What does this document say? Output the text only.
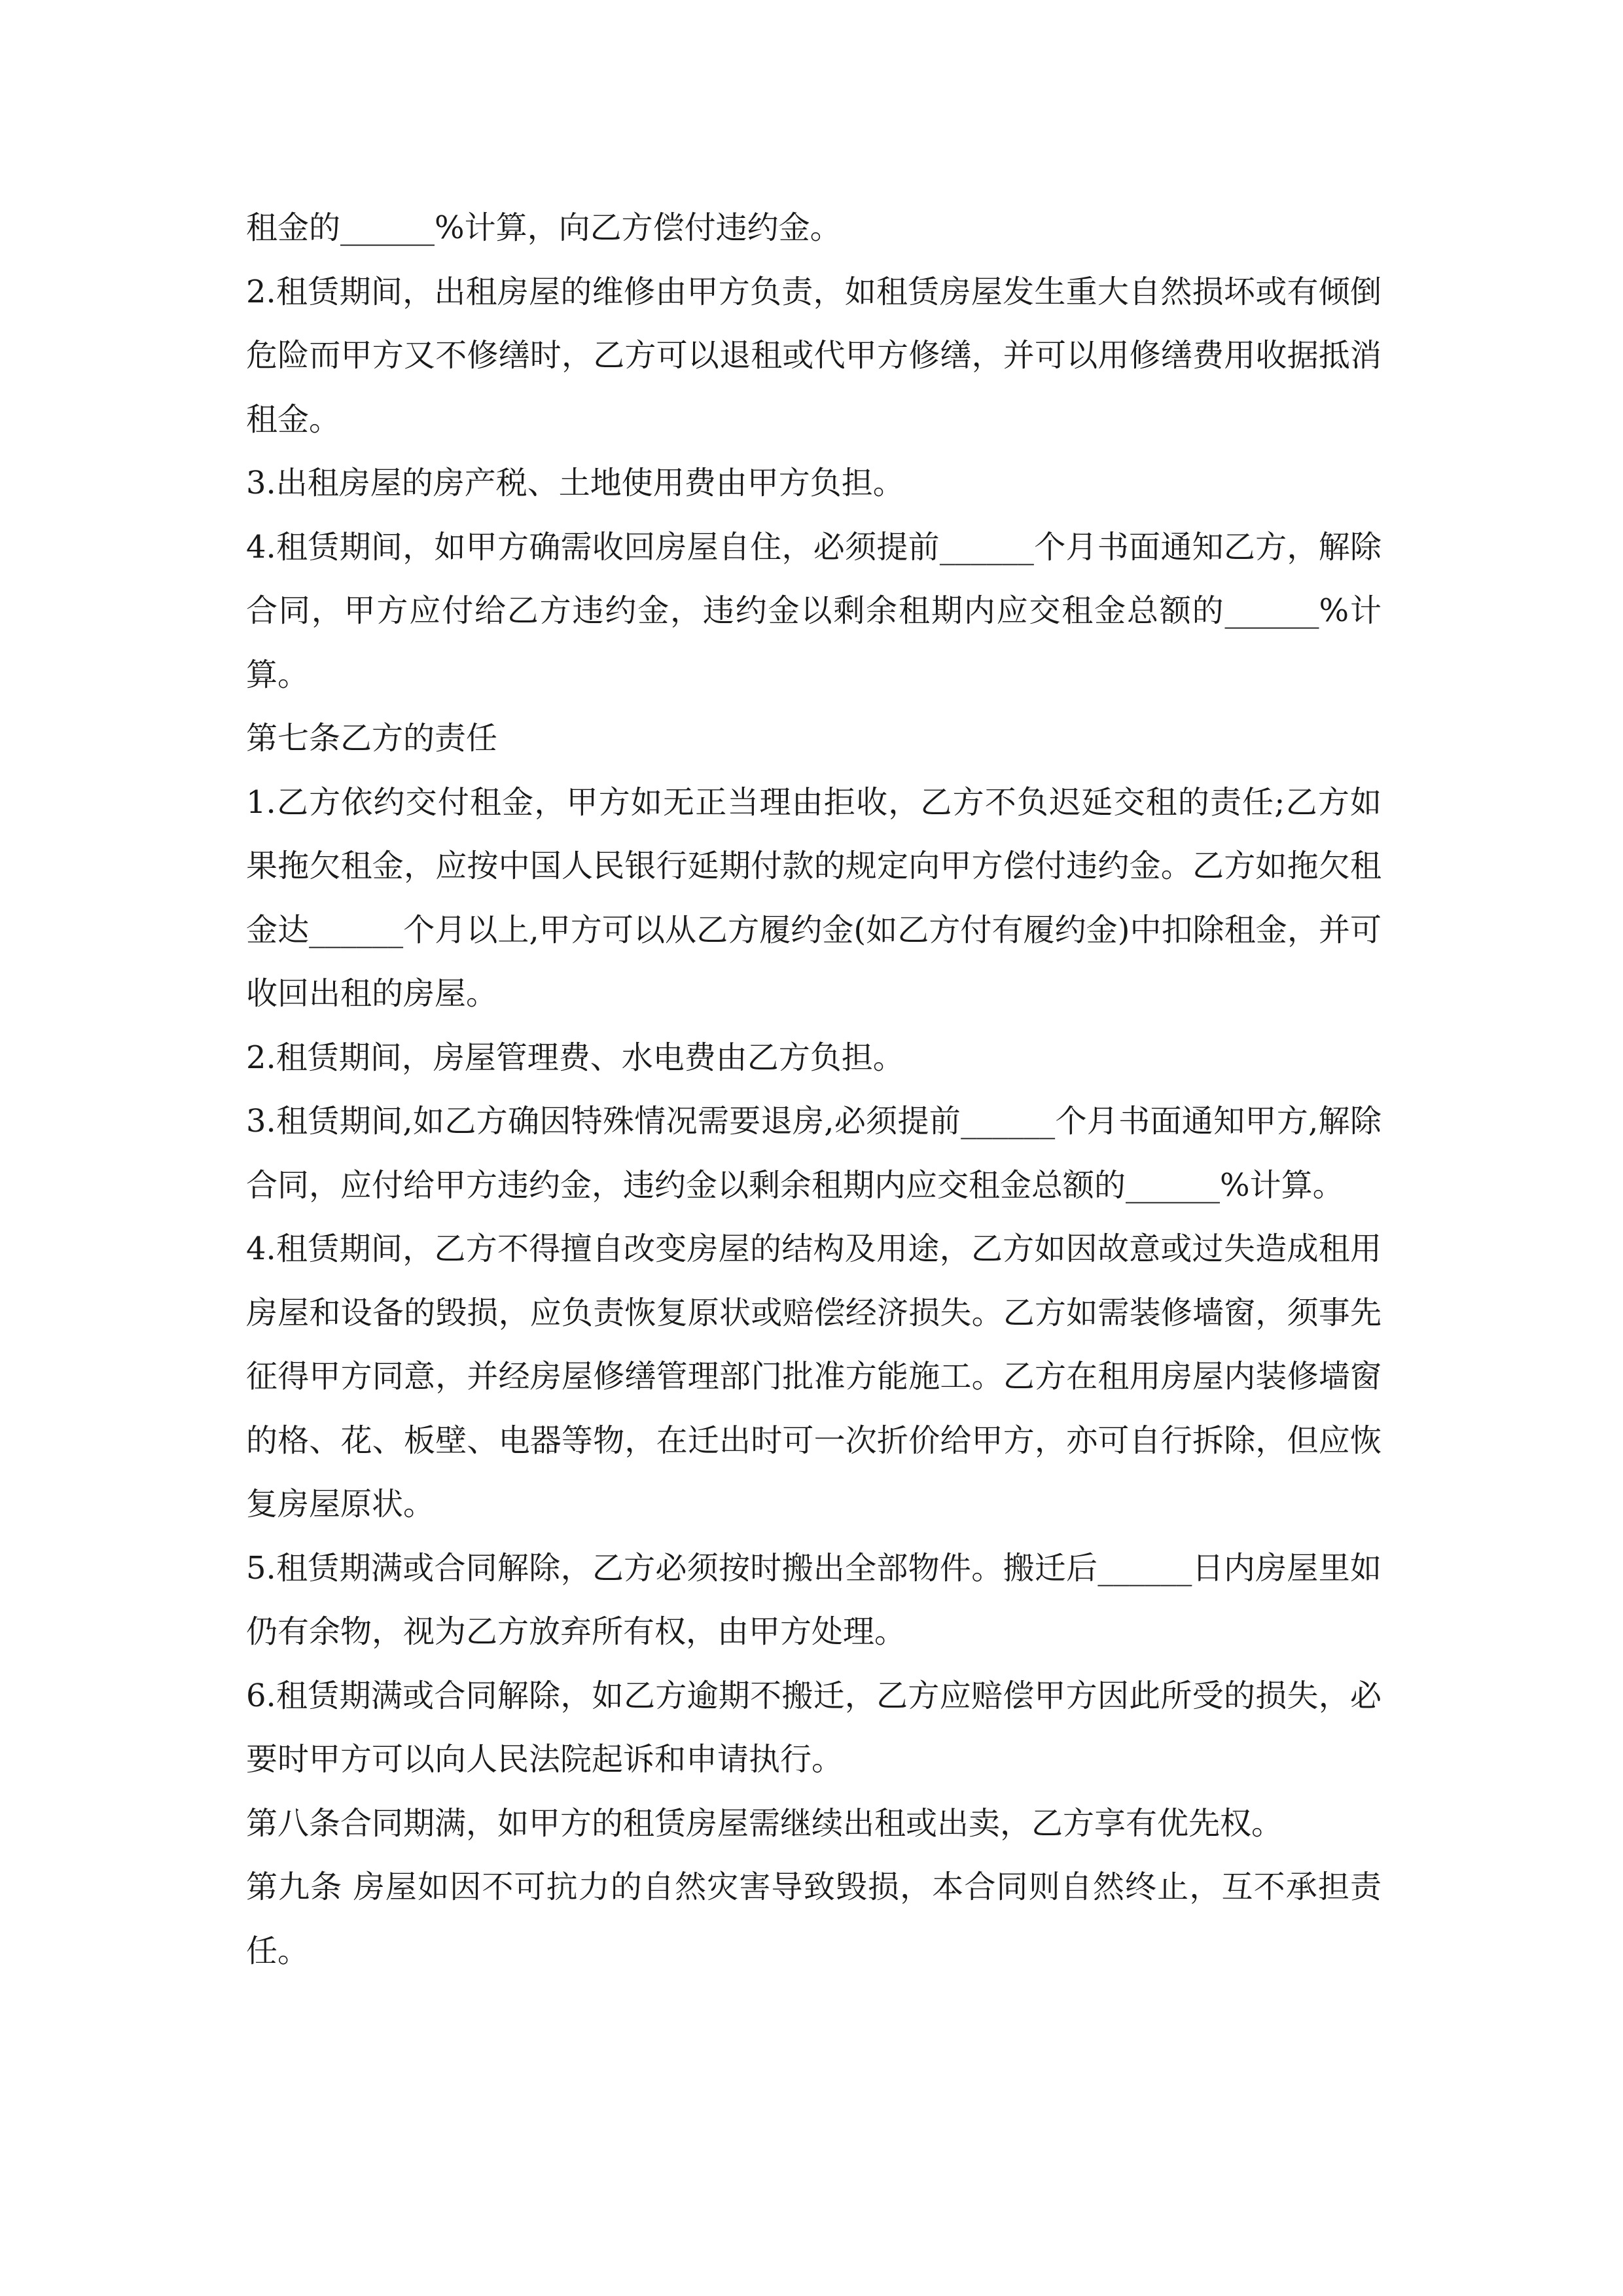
租金的______%计算，向乙方偿付违约金。

2.租赁期间，出租房屋的维修由甲方负责，如租赁房屋发生重大自然损坏或有倾倒危险而甲方又不修缮时，乙方可以退租或代甲方修缮，并可以用修缮费用收据抵消租金。

3.出租房屋的房产税、土地使用费由甲方负担。

4.租赁期间，如甲方确需收回房屋自住，必须提前______个月书面通知乙方，解除合同，甲方应付给乙方违约金，违约金以剩余租期内应交租金总额的______%计算。

第七条乙方的责任

1.乙方依约交付租金，甲方如无正当理由拒收，乙方不负迟延交租的责任;乙方如果拖欠租金，应按中国人民银行延期付款的规定向甲方偿付违约金。乙方如拖欠租金达______个月以上,甲方可以从乙方履约金(如乙方付有履约金)中扣除租金，并可收回出租的房屋。

2.租赁期间，房屋管理费、水电费由乙方负担。

3.租赁期间,如乙方确因特殊情况需要退房,必须提前______个月书面通知甲方,解除合同，应付给甲方违约金，违约金以剩余租期内应交租金总额的______%计算。

4.租赁期间，乙方不得擅自改变房屋的结构及用途，乙方如因故意或过失造成租用房屋和设备的毁损，应负责恢复原状或赔偿经济损失。乙方如需装修墙窗，须事先征得甲方同意，并经房屋修缮管理部门批准方能施工。乙方在租用房屋内装修墙窗的格、花、板壁、电器等物，在迁出时可一次折价给甲方，亦可自行拆除，但应恢复房屋原状。

5.租赁期满或合同解除，乙方必须按时搬出全部物件。搬迁后______日内房屋里如仍有余物，视为乙方放弃所有权，由甲方处理。

6.租赁期满或合同解除，如乙方逾期不搬迁，乙方应赔偿甲方因此所受的损失，必要时甲方可以向人民法院起诉和申请执行。

第八条合同期满，如甲方的租赁房屋需继续出租或出卖，乙方享有优先权。

第九条 房屋如因不可抗力的自然灾害导致毁损，本合同则自然终止，互不承担责任。
